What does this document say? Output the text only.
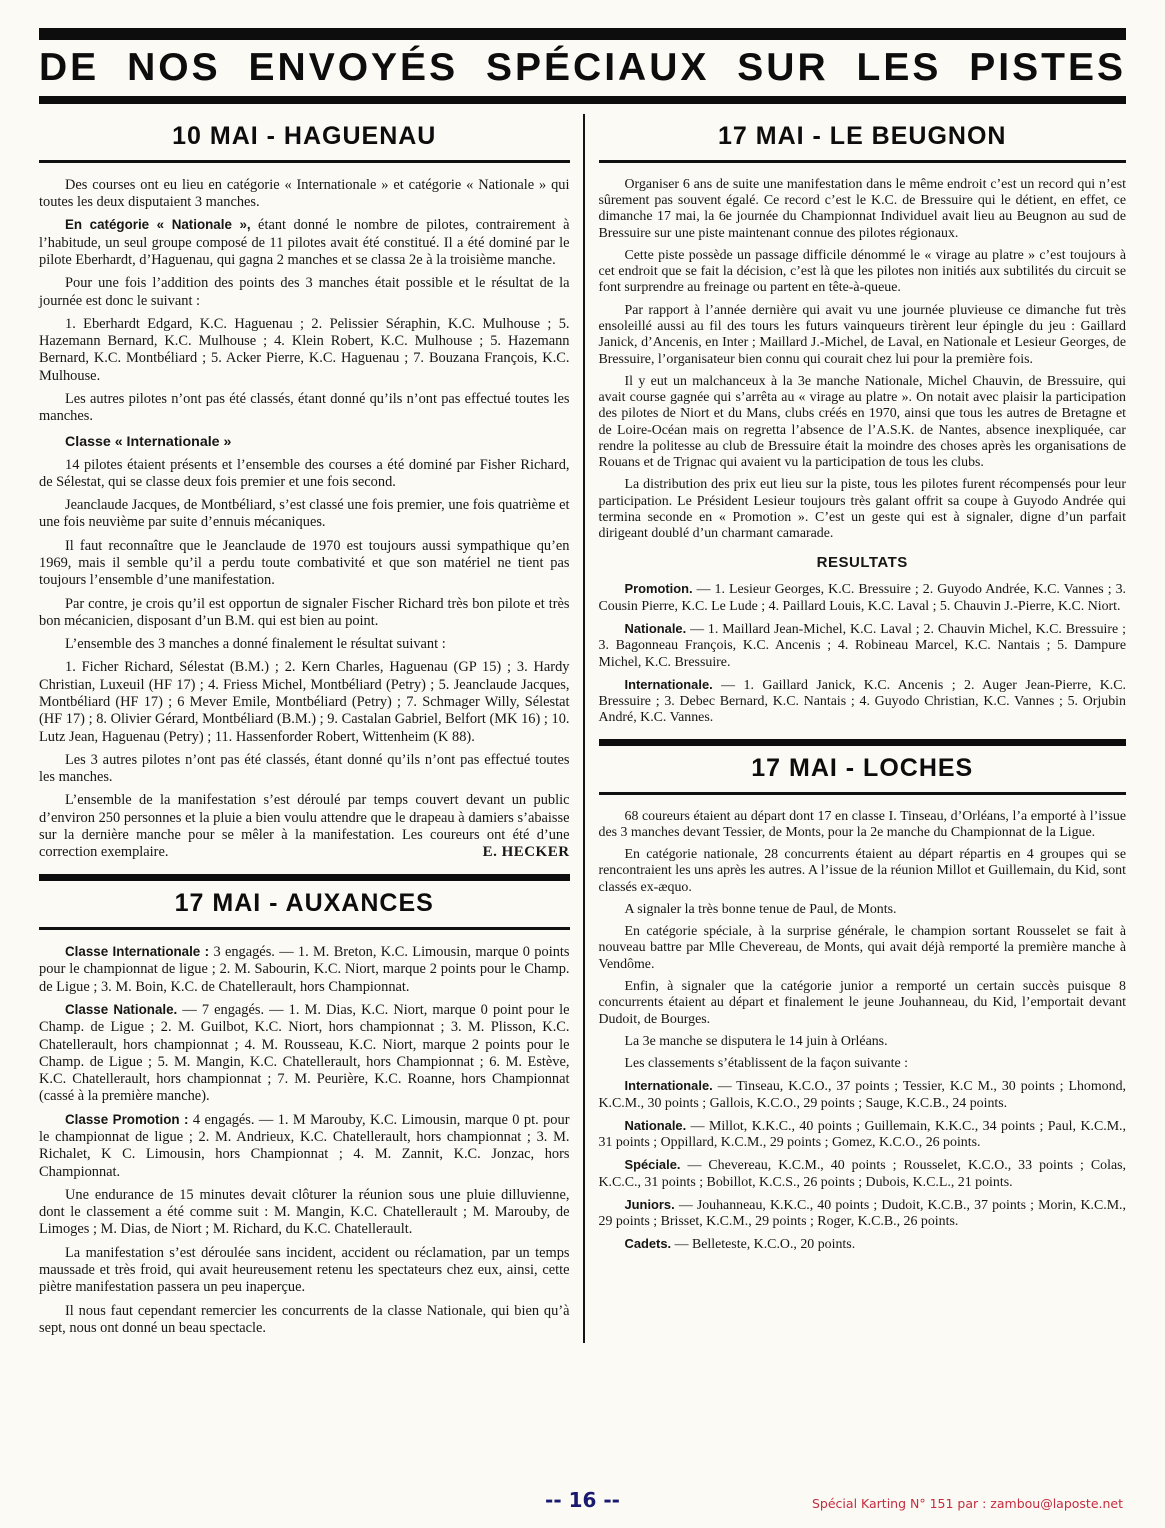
DE NOS ENVOYÉS SPÉCIAUX SUR LES PISTES
10 MAI - HAGUENAU

Des courses ont eu lieu en catégorie « Internationale » et catégorie « Nationale » qui toutes les deux disputaient 3 manches.

En catégorie « Nationale », étant donné le nombre de pilotes, contrairement à l’habitude, un seul groupe composé de 11 pilotes avait été constitué. Il a été dominé par le pilote Eberhardt, d’Haguenau, qui gagna 2 manches et se classa 2e à la troisième manche.

Pour une fois l’addition des points des 3 manches était possible et le résultat de la journée est donc le suivant :

1. Eberhardt Edgard, K.C. Haguenau ; 2. Pelissier Séraphin, K.C. Mulhouse ; 5. Hazemann Bernard, K.C. Mulhouse ; 4. Klein Robert, K.C. Mulhouse ; 5. Hazemann Bernard, K.C. Montbéliard ; 5. Acker Pierre, K.C. Haguenau ; 7. Bouzana François, K.C. Mulhouse.

Les autres pilotes n’ont pas été classés, étant donné qu’ils n’ont pas effectué toutes les manches.

Classe « Internationale »

14 pilotes étaient présents et l’ensemble des courses a été dominé par Fisher Richard, de Sélestat, qui se classe deux fois premier et une fois second.

Jeanclaude Jacques, de Montbéliard, s’est classé une fois premier, une fois quatrième et une fois neuvième par suite d’ennuis mécaniques.

Il faut reconnaître que le Jeanclaude de 1970 est toujours aussi sympathique qu’en 1969, mais il semble qu’il a perdu toute combativité et que son matériel ne tient pas toujours l’ensemble d’une manifestation.

Par contre, je crois qu’il est opportun de signaler Fischer Richard très bon pilote et très bon mécanicien, disposant d’un B.M. qui est bien au point.

L’ensemble des 3 manches a donné finalement le résultat suivant :

1. Ficher Richard, Sélestat (B.M.) ; 2. Kern Charles, Haguenau (GP 15) ; 3. Hardy Christian, Luxeuil (HF 17) ; 4. Friess Michel, Montbéliard (Petry) ; 5. Jeanclaude Jacques, Montbéliard (HF 17) ; 6 Mever Emile, Montbéliard (Petry) ; 7. Schmager Willy, Sélestat (HF 17) ; 8. Olivier Gérard, Montbéliard (B.M.) ; 9. Castalan Gabriel, Belfort (MK 16) ; 10. Lutz Jean, Haguenau (Petry) ; 11. Hassenforder Robert, Wittenheim (K 88).

Les 3 autres pilotes n’ont pas été classés, étant donné qu’ils n’ont pas effectué toutes les manches.

L’ensemble de la manifestation s’est déroulé par temps couvert devant un public d’environ 250 personnes et la pluie a bien voulu attendre que le drapeau à damiers s’abaisse sur la dernière manche pour se mêler à la manifestation. Les coureurs ont été d’une correction exemplaire.	E. HECKER

17 MAI - AUXANCES

Classe Internationale : 3 engagés. — 1. M. Breton, K.C. Limousin, marque 0 points pour le championnat de ligue ; 2. M. Sabourin, K.C. Niort, marque 2 points pour le Champ. de Ligue ; 3. M. Boin, K.C. de Chatellerault, hors Championnat.

Classe Nationale. — 7 engagés. — 1. M. Dias, K.C. Niort, marque 0 point pour le Champ. de Ligue ; 2. M. Guilbot, K.C. Niort, hors championnat ; 3. M. Plisson, K.C. Chatellerault, hors championnat ; 4. M. Rousseau, K.C. Niort, marque 2 points pour le Champ. de Ligue ; 5. M. Mangin, K.C. Chatellerault, hors Championnat ; 6. M. Estève, K.C. Chatellerault, hors championnat ; 7. M. Peurière, K.C. Roanne, hors Championnat (cassé à la première manche).

Classe Promotion : 4 engagés. — 1. M Marouby, K.C. Limousin, marque 0 pt. pour le championnat de ligue ; 2. M. Andrieux, K.C. Chatellerault, hors championnat ; 3. M. Richalet, K C. Limousin, hors Championnat ; 4. M. Zannit, K.C. Jonzac, hors Championnat.

Une endurance de 15 minutes devait clôturer la réunion sous une pluie dilluvienne, dont le classement a été comme suit : M. Mangin, K.C. Chatellerault ; M. Marouby, de Limoges ; M. Dias, de Niort ; M. Richard, du K.C. Chatellerault.

La manifestation s’est déroulée sans incident, accident ou réclamation, par un temps maussade et très froid, qui avait heureusement retenu les spectateurs chez eux, ainsi, cette piètre manifestation passera un peu inaperçue.

Il nous faut cependant remercier les concurrents de la classe Nationale, qui bien qu’à sept, nous ont donné un beau spectacle.

17 MAI - LE BEUGNON

Organiser 6 ans de suite une manifestation dans le même endroit c’est un record qui n’est sûrement pas souvent égalé. Ce record c’est le K.C. de Bressuire qui le détient, en effet, ce dimanche 17 mai, la 6e journée du Championnat Individuel avait lieu au Beugnon au sud de Bressuire sur une piste maintenant connue des pilotes régionaux.

Cette piste possède un passage difficile dénommé le « virage au platre » c’est toujours à cet endroit que se fait la décision, c’est là que les pilotes non initiés aux subtilités du circuit se font surprendre au freinage ou partent en tête-à-queue.

Par rapport à l’année dernière qui avait vu une journée pluvieuse ce dimanche fut très ensoleillé aussi au fil des tours les futurs vainqueurs tirèrent leur épingle du jeu : Gaillard Janick, d’Ancenis, en Inter ; Maillard J.-Michel, de Laval, en Nationale et Lesieur Georges, de Bressuire, l’organisateur bien connu qui courait chez lui pour la première fois.

Il y eut un malchanceux à la 3e manche Nationale, Michel Chauvin, de Bressuire, qui avait course gagnée qui s’arrêta au « virage au platre ». On notait avec plaisir la participation des pilotes de Niort et du Mans, clubs créés en 1970, ainsi que tous les autres de Bretagne et de Loire-Océan mais on regretta l’absence de l’A.S.K. de Nantes, absence inexpliquée, car rendre la politesse au club de Bressuire était la moindre des choses après les organisations de Rouans et de Trignac qui avaient vu la participation de tous les clubs.

La distribution des prix eut lieu sur la piste, tous les pilotes furent récompensés pour leur participation. Le Président Lesieur toujours très galant offrit sa coupe à Guyodo Andrée qui termina seconde en « Promotion ». C’est un geste qui est à signaler, digne d’un parfait dirigeant doublé d’un charmant camarade.

RESULTATS

Promotion. — 1. Lesieur Georges, K.C. Bressuire ; 2. Guyodo Andrée, K.C. Vannes ; 3. Cousin Pierre, K.C. Le Lude ; 4. Paillard Louis, K.C. Laval ; 5. Chauvin J.-Pierre, K.C. Niort.

Nationale. — 1. Maillard Jean-Michel, K.C. Laval ; 2. Chauvin Michel, K.C. Bressuire ; 3. Bagonneau François, K.C. Ancenis ; 4. Robineau Marcel, K.C. Nantais ; 5. Dampure Michel, K.C. Bressuire.

Internationale. — 1. Gaillard Janick, K.C. Ancenis ; 2. Auger Jean-Pierre, K.C. Bressuire ; 3. Debec Bernard, K.C. Nantais ; 4. Guyodo Christian, K.C. Vannes ; 5. Orjubin André, K.C. Vannes.

17 MAI - LOCHES

68 coureurs étaient au départ dont 17 en classe I. Tinseau, d’Orléans, l’a emporté à l’issue des 3 manches devant Tessier, de Monts, pour la 2e manche du Championnat de la Ligue.

En catégorie nationale, 28 concurrents étaient au départ répartis en 4 groupes qui se rencontraient les uns après les autres. A l’issue de la réunion Millot et Guillemain, du Kid, sont classés ex-æquo.

A signaler la très bonne tenue de Paul, de Monts.

En catégorie spéciale, à la surprise générale, le champion sortant Rousselet se fait à nouveau battre par Mlle Chevereau, de Monts, qui avait déjà remporté la première manche à Vendôme.

Enfin, à signaler que la catégorie junior a remporté un certain succès puisque 8 concurrents étaient au départ et finalement le jeune Jouhanneau, du Kid, l’emportait devant Dudoit, de Bourges.

La 3e manche se disputera le 14 juin à Orléans.

Les classements s’établissent de la façon suivante :

Internationale. — Tinseau, K.C.O., 37 points ; Tessier, K.C M., 30 points ; Lhomond, K.C.M., 30 points ; Gallois, K.C.O., 29 points ; Sauge, K.C.B., 24 points.

Nationale. — Millot, K.K.C., 40 points ; Guillemain, K.K.C., 34 points ; Paul, K.C.M., 31 points ; Oppillard, K.C.M., 29 points ; Gomez, K.C.O., 26 points.

Spéciale. — Chevereau, K.C.M., 40 points ; Rousselet, K.C.O., 33 points ; Colas, K.C.C., 31 points ; Bobillot, K.C.S., 26 points ; Dubois, K.C.L., 21 points.

Juniors. — Jouhanneau, K.K.C., 40 points ; Dudoit, K.C.B., 37 points ; Morin, K.C.M., 29 points ; Brisset, K.C.M., 29 points ; Roger, K.C.B., 26 points.

Cadets. — Belleteste, K.C.O., 20 points.

-- 16 --	Spécial Karting N° 151 par : zambou@laposte.net
